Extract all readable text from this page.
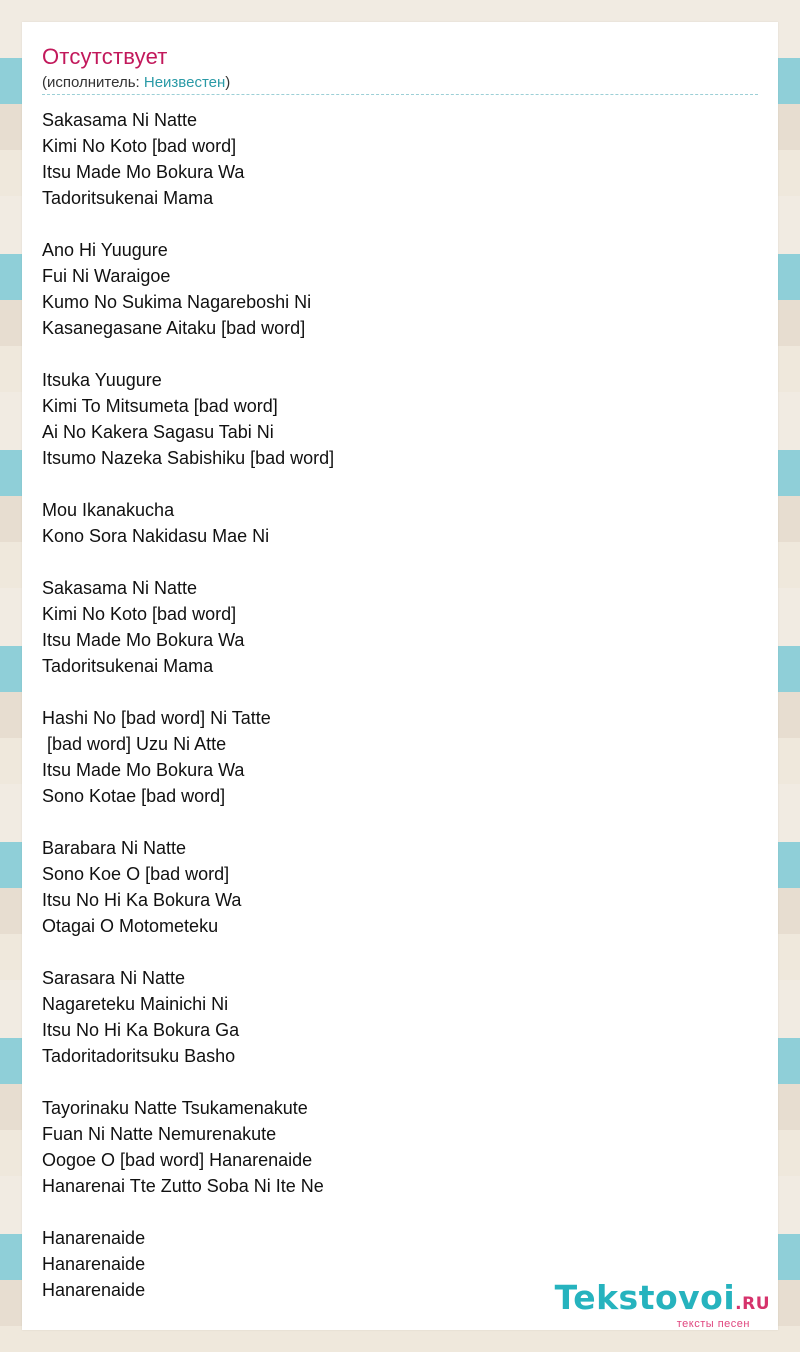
Отсутствует
(исполнитель: Неизвестен)
Sakasama Ni Natte
Kimi No Koto [bad word]
Itsu Made Mo Bokura Wa
Tadoritsukenai Mama
Ano Hi Yuugure
Fui Ni Waraigoe
Kumo No Sukima Nagareboshi Ni
Kasanegasane Aitaku [bad word]
Itsuka Yuugure
Kimi To Mitsumeta [bad word]
Ai No Kakera Sagasu Tabi Ni
Itsumo Nazeka Sabishiku [bad word]
Mou Ikanakucha
Kono Sora Nakidasu Mae Ni
Sakasama Ni Natte
Kimi No Koto [bad word]
Itsu Made Mo Bokura Wa
Tadoritsukenai Mama
Hashi No [bad word] Ni Tatte
[bad word] Uzu Ni Atte
Itsu Made Mo Bokura Wa
Sono Kotae [bad word]
Barabara Ni Natte
Sono Koe O [bad word]
Itsu No Hi Ka Bokura Wa
Otagai O Motometeku
Sarasara Ni Natte
Nagareteku Mainichi Ni
Itsu No Hi Ka Bokura Ga
Tadoritadoritsuku Basho
Tayorinaku Natte Tsukamenakute
Fuan Ni Natte Nemurenakute
Oogoe O [bad word] Hanarenaide
Hanarenai Tte Zutto Soba Ni Ite Ne
Hanarenaide
Hanarenaide
Hanarenaide	Tekstovoi.RU
тексты песен
